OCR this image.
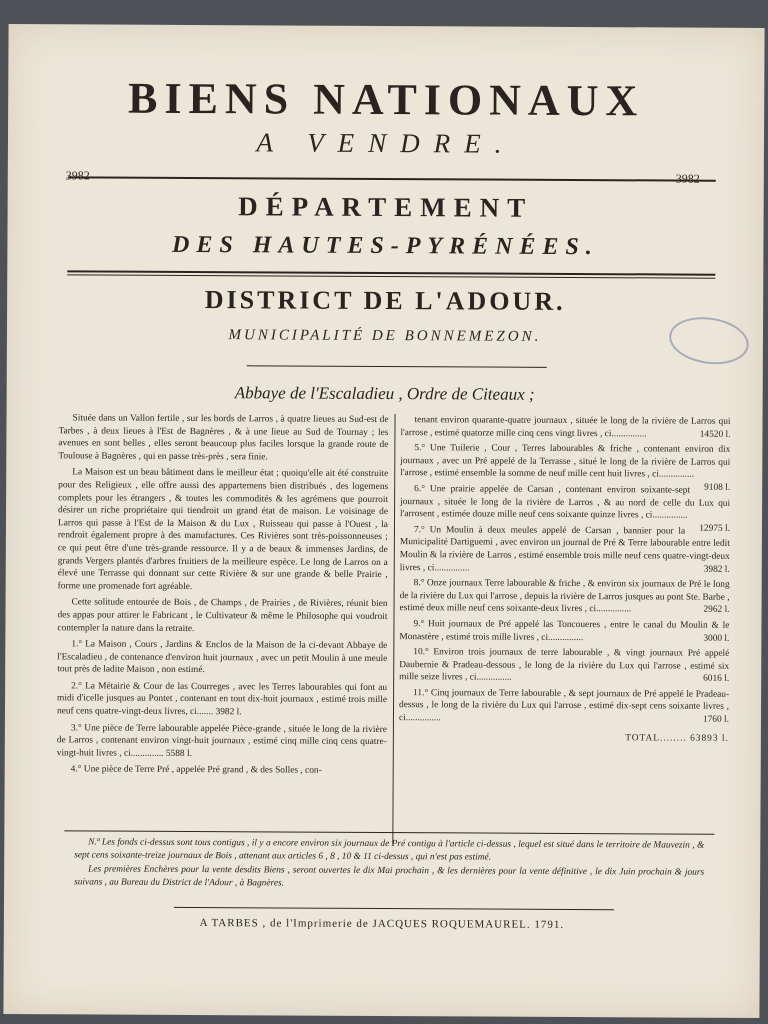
BIENS NATIONAUX
A VENDRE.
3982	3982
DÉPARTEMENT
DES HAUTES-PYRÉNÉES.
DISTRICT DE L'ADOUR.
MUNICIPALITÉ DE BONNEMEZON.
Abbaye de l'Escaladieu , Ordre de Citeaux ;

Située dans un Vallon fertile , sur les bords de Larros , à quatre lieues au Sud-est de Tarbes , à deux lieues à l'Est de Bagnères , & à une lieue au Sud de Tournay ; les avenues en sont belles , elles seront beaucoup plus faciles lorsque la grande route de Toulouse à Bagnères , qui en passe très-près , sera finie.

La Maison est un beau bâtiment dans le meilleur état ; quoiqu'elle ait été construite pour des Religieux , elle offre aussi des appartemens bien distribués , des logemens complets pour les étrangers , & toutes les commodités & les agrémens que pourroit désirer un riche propriétaire qui tiendroit un grand état de maison. Le voisinage de Larros qui passe à l'Est de la Maison & du Lux , Ruisseau qui passe à l'Ouest , la rendroit également propre à des manufactures. Ces Rivières sont très-poissonneuses ; ce qui peut être d'une très-grande ressource. Il y a de beaux & immenses Jardins, de grands Vergers plantés d'arbres fruitiers de la meilleure espèce. Le long de Larros on a élevé une Terrasse qui donnant sur cette Rivière & sur une grande & belle Prairie , forme une promenade fort agréable.

Cette solitude entourée de Bois , de Champs , de Prairies , de Rivières, réunit bien des appas pour attirer le Fabricant , le Cultivateur & même le Philosophe qui voudroit contempler la nature dans la retraite.

1.° La Maison , Cours , Jardins & Enclos de la Maison de la ci-devant Abbaye de l'Escaladieu , de contenance d'environ huit journaux , avec un petit Moulin à une meule tout près de ladite Maison , non estimé.

2.° La Métairie & Cour de las Courreges , avec les Terres labourables qui font au midi d'icelle jusques au Pontet , contenant en tout dix-huit journaux , estimé trois mille neuf cens quatre-vingt-deux livres, ci....... 3982 l.

3.° Une pièce de Terre labourable appelée Pièce-grande , située le long de la rivière de Larros , contenant environ vingt-huit journaux , estimé cinq mille cinq cens quatre-vingt-huit livres , ci.............. 5588 l.

4.° Une pièce de Terre Pré , appelée Pré grand , & des Solles , con-

tenant environ quarante-quatre journaux , située le long de la rivière de Larros qui l'arrose , estimé quatorze mille cinq cens vingt livres , ci...............	14520 l.

5.° Une Tuilerie , Cour , Terres labourables & friche , contenant environ dix journaux , avec un Pré appelé de la Terrasse , situé le long de la rivière de Larros qui l'arrose , estimé ensemble la somme de neuf mille cent huit livres , ci...............
9108 l.

6.° Une prairie appelée de Carsan , contenant environ soixante-sept journaux , située le long de la rivière de Larros , & au nord de celle du Lux qui l'arrosent , estimée douze mille neuf cens soixante quinze livres , ci...............
12975 l.

7.° Un Moulin à deux meules appelé de Carsan , bannier pour la Municipalité Dartiguemi , avec environ un journal de Pré & Terre labourable entre ledit Moulin & la rivière de Larros , estimé ensemble trois mille neuf cens quatre-vingt-deux livres , ci...............	3982 l.

8.° Onze journaux Terre labourable & friche , & environ six journaux de Pré le long de la rivière du Lux qui l'arrose , depuis la rivière de Larros jusques au pont Ste. Barbe , estimé deux mille neuf cens soixante-deux livres , ci...............	2962 l.

9.° Huit journaux de Pré appelé las Toncoueres , entre le canal du Moulin & le Monastère , estimé trois mille livres , ci...............	3000 l.

10.° Environ trois journaux de terre labourable , & vingt journaux Pré appelé Daubernie & Pradeau-dessous , le long de la rivière du Lux qui l'arrose , estimé six mille seize livres , ci...............	6016 l.

11.° Cinq journaux de Terre labourable , & sept journaux de Pré appelé le Pradeau-dessus , le long de la rivière du Lux qui l'arrose , estimé dix-sept cens soixante livres , ci...............	1760 l.

TOTAL........ 63893 l.

N.ª Les fonds ci-dessus sont tous contigus , il y a encore environ six journaux de Pré contigu à l'article ci-dessus , lequel est situé dans le territoire de Mauvezin , & sept cens soixante-treize journaux de Bois , attenant aux articles 6 , 8 , 10 & 11 ci-dessus , qui n'est pas estimé.

Les premières Enchères pour la vente desdits Biens , seront ouvertes le dix Mai prochain , & les dernières pour la vente définitive , le dix Juin prochain & jours suivans , au Bureau du District de l'Adour , à Bagnères.

A TARBES , de l'Imprimerie de JACQUES ROQUEMAUREL. 1791.
